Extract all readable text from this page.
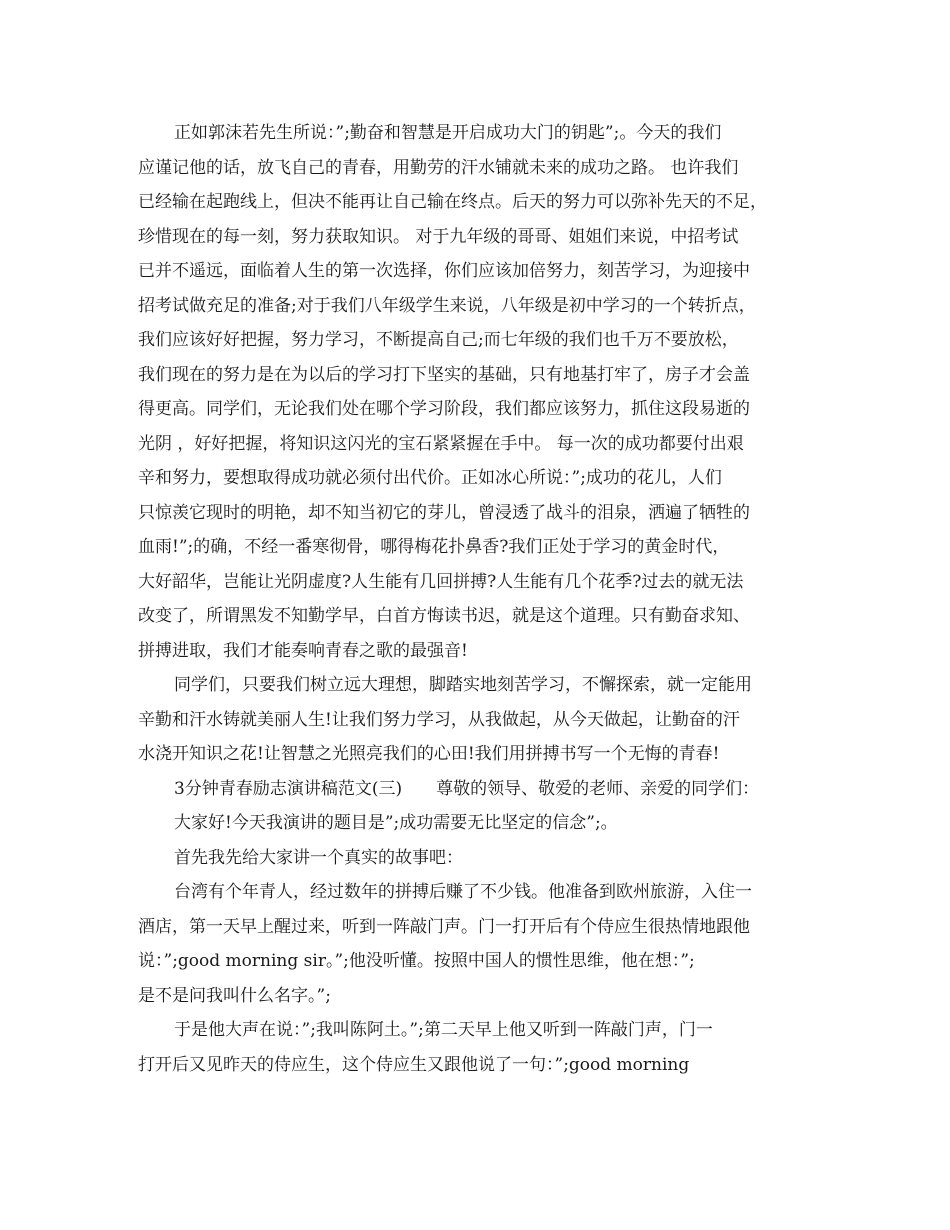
正如郭沫若先生所说：”;勤奋和智慧是开启成功大门的钥匙”;。今天的我们
应谨记他的话，放飞自己的青春，用勤劳的汗水铺就未来的成功之路。 也许我们
已经输在起跑线上，但决不能再让自己输在终点。后天的努力可以弥补先天的不足，
珍惜现在的每一刻，努力获取知识。 对于九年级的哥哥、姐姐们来说，中招考试
已并不遥远，面临着人生的第一次选择，你们应该加倍努力，刻苦学习，为迎接中
招考试做充足的准备;对于我们八年级学生来说，八年级是初中学习的一个转折点，
我们应该好好把握，努力学习，不断提高自己;而七年级的我们也千万不要放松，
我们现在的努力是在为以后的学习打下坚实的基础，只有地基打牢了，房子才会盖
得更高。同学们，无论我们处在哪个学习阶段，我们都应该努力，抓住这段易逝的
光阴 ，好好把握，将知识这闪光的宝石紧紧握在手中。 每一次的成功都要付出艰
辛和努力，要想取得成功就必须付出代价。正如冰心所说：”;成功的花儿，人们
只惊羡它现时的明艳，却不知当初它的芽儿，曾浸透了战斗的泪泉，洒遍了牺牲的
血雨!”;的确，不经一番寒彻骨，哪得梅花扑鼻香?我们正处于学习的黄金时代，
大好韶华，岂能让光阴虚度?人生能有几回拼搏?人生能有几个花季?过去的就无法
改变了，所谓黑发不知勤学早，白首方悔读书迟，就是这个道理。只有勤奋求知、
拼搏进取，我们才能奏响青春之歌的最强音!
同学们，只要我们树立远大理想，脚踏实地刻苦学习，不懈探索，就一定能用
辛勤和汗水铸就美丽人生!让我们努力学习，从我做起，从今天做起，让勤奋的汗
水浇开知识之花!让智慧之光照亮我们的心田!我们用拼搏书写一个无悔的青春!
3分钟青春励志演讲稿范文(三)　　尊敬的领导、敬爱的老师、亲爱的同学们：
大家好!今天我演讲的题目是”;成功需要无比坚定的信念”;。
首先我先给大家讲一个真实的故事吧：
台湾有个年青人，经过数年的拼搏后赚了不少钱。他准备到欧州旅游，入住一
酒店，第一天早上醒过来，听到一阵敲门声。门一打开后有个侍应生很热情地跟他
说：”;good morning sir。”;他没听懂。按照中国人的惯性思维，他在想：”;
是不是问我叫什么名字。”;
于是他大声在说：”;我叫陈阿土。”;第二天早上他又听到一阵敲门声，门一
打开后又见昨天的侍应生，这个侍应生又跟他说了一句：”;good morning
